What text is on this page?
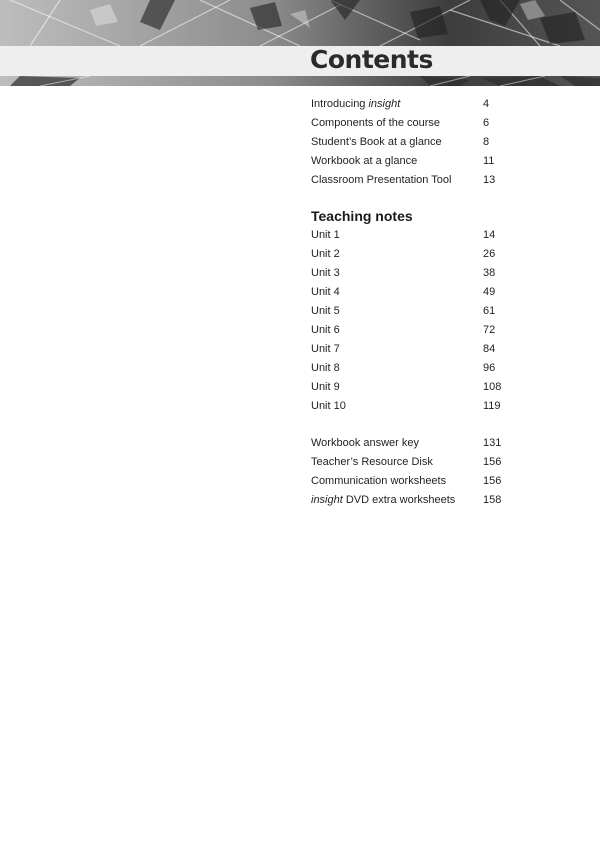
Contents
Introducing insight	4
Components of the course	6
Student’s Book at a glance	8
Workbook at a glance	11
Classroom Presentation Tool	13
Teaching notes
Unit 1	14
Unit 2	26
Unit 3	38
Unit 4	49
Unit 5	61
Unit 6	72
Unit 7	84
Unit 8	96
Unit 9	108
Unit 10	119
Workbook answer key	131
Teacher’s Resource Disk	156
Communication worksheets	156
insight DVD extra worksheets	158
